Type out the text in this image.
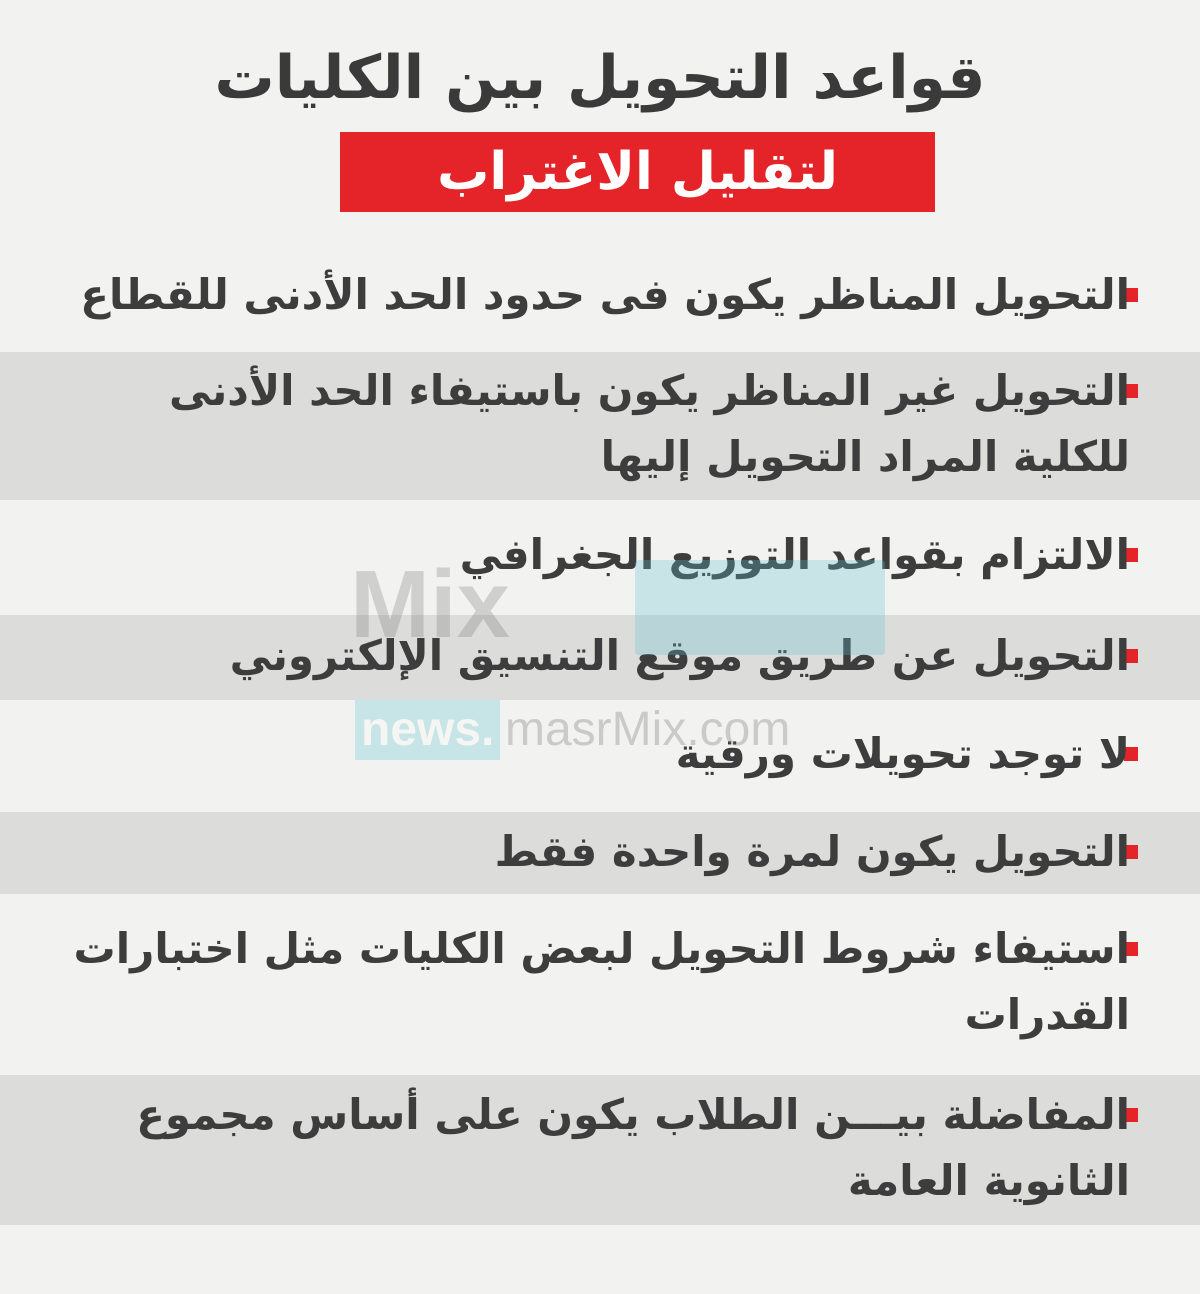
قواعد التحويل بين الكليات
لتقليل الاغتراب
التحويل المناظر يكون فى حدود الحد الأدنى للقطاع
التحويل غير المناظر يكون باستيفاء الحد الأدنى للكلية المراد التحويل إليها
الالتزام بقواعد التوزيع الجغرافي
التحويل عن طريق موقع التنسيق الإلكتروني
لا توجد تحويلات ورقية
التحويل يكون لمرة واحدة فقط
استيفاء شروط التحويل لبعض الكليات مثل اختبارات القدرات
المفاضلة بيـــن الطلاب يكون على أساس مجموع الثانوية العامة
Mix
news. masrMix.com
